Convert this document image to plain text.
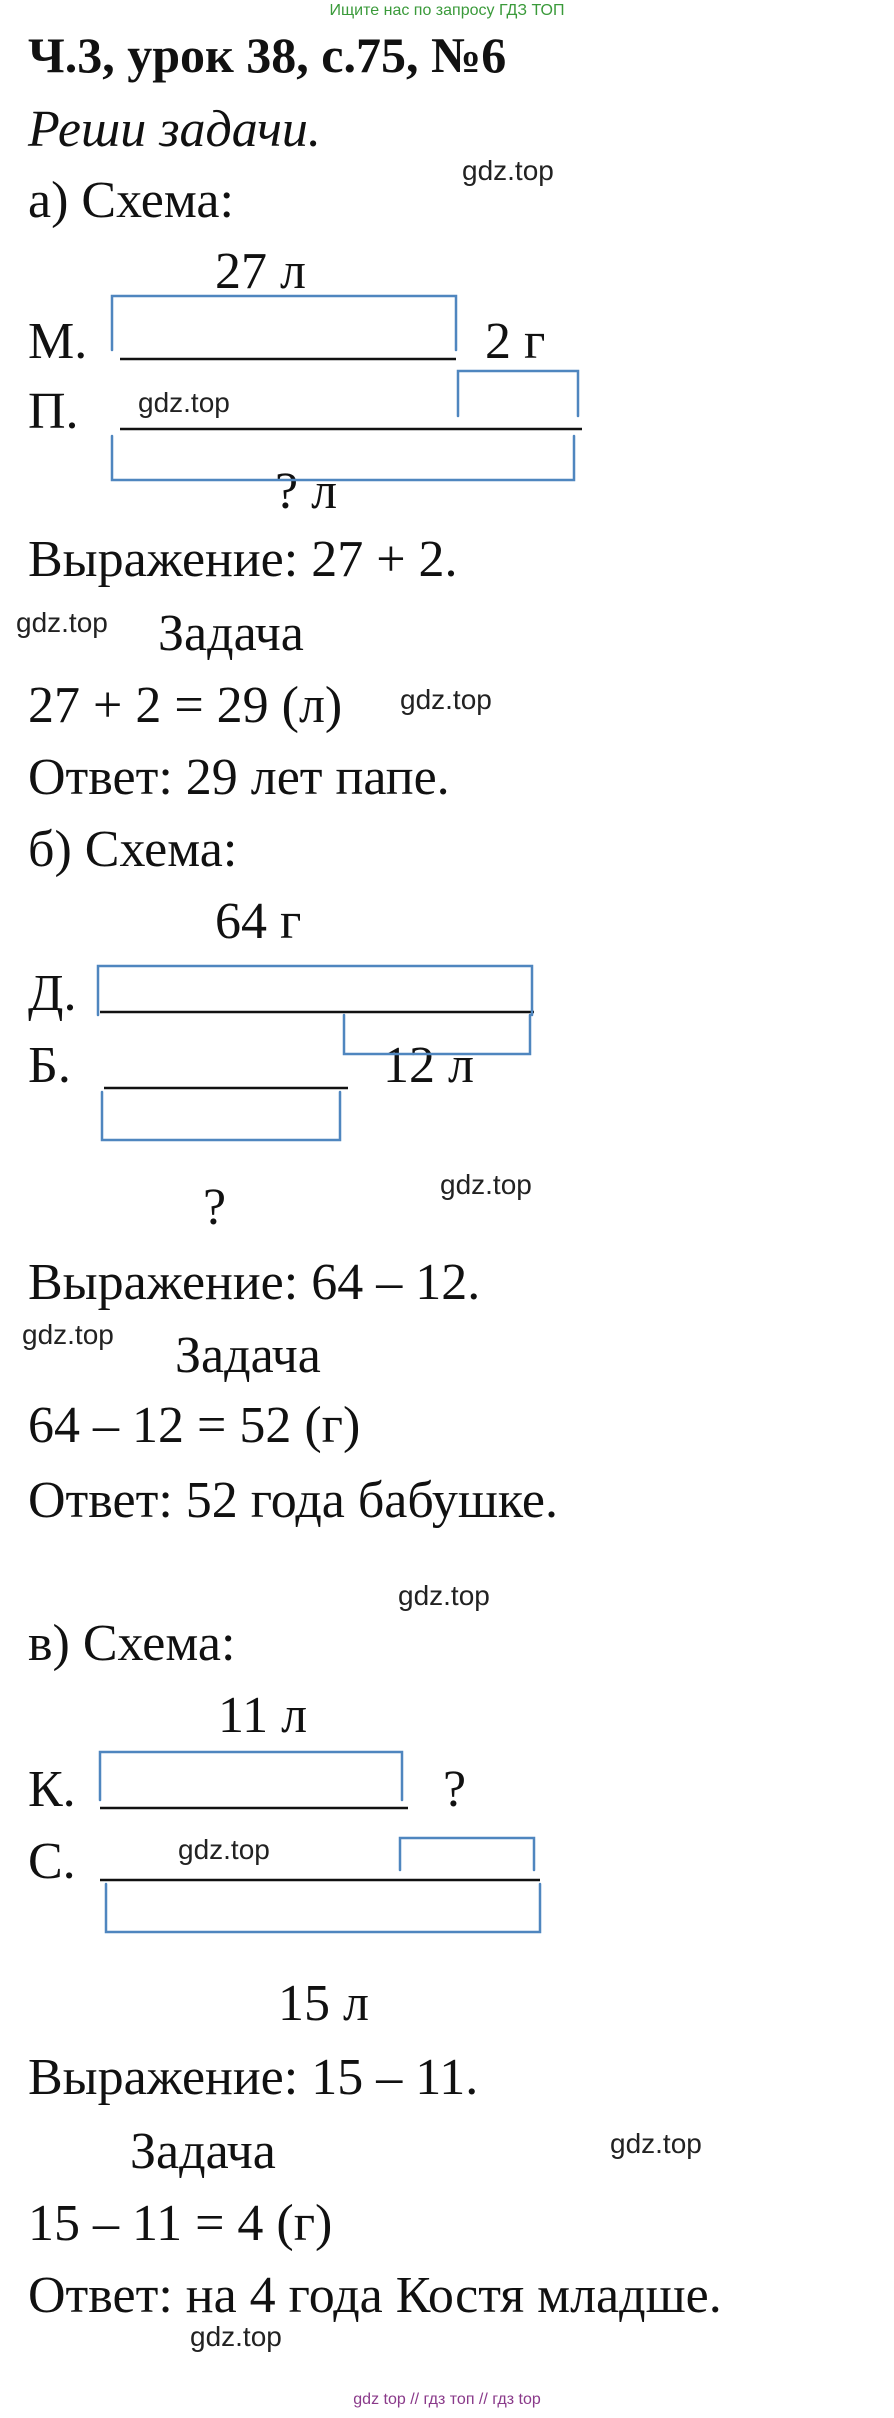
Ищите нас по запросу ГДЗ ТОП
Ч.3, урок 38, с.75, №6
Реши задачи.
а) Схема:
27 л
М.	2 г
П.
? л
Выражение: 27 + 2.
Задача
27 + 2 = 29 (л)
Ответ: 29 лет папе.
б) Схема:
64 г
Д.
Б.	12 л
?
Выражение: 64 – 12.
Задача
64 – 12 = 52 (г)
Ответ: 52 года бабушке.
в) Схема:
11 л
К.	?
С.
15 л
Выражение: 15 – 11.
Задача
15 – 11 = 4 (г)
Ответ: на 4 года Костя младше.
gdz.top
gdz.top
gdz.top
gdz.top
gdz.top
gdz.top
gdz.top
gdz.top
gdz.top
gdz.top
gdz top // гдз топ // гдз top
